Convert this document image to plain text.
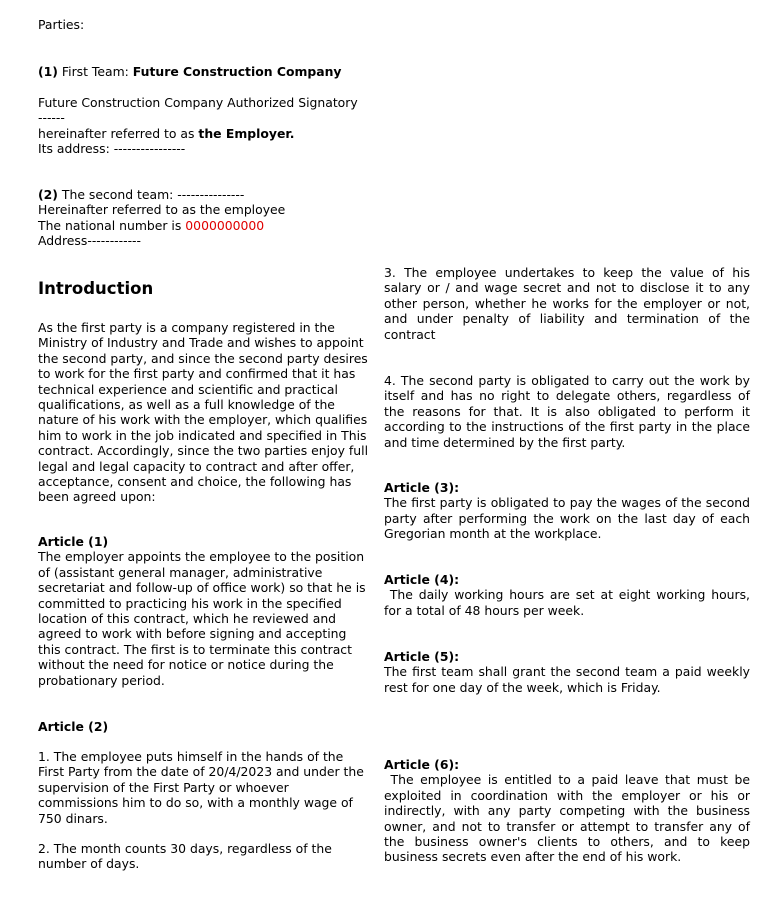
Parties:
(1) First Team: Future Construction Company
Future Construction Company Authorized Signatory
------
hereinafter referred to as the Employer.
Its address: ----------------
(2) The second team: ---------------
Hereinafter referred to as the employee
The national number is 0000000000
Address------------
Introduction

As the first party is a company registered in the Ministry of Industry and Trade and wishes to appoint the second party, and since the second party desires to work for the first party and confirmed that it has technical experience and scientific and practical qualifications, as well as a full knowledge of the nature of his work with the employer, which qualifies him to work in the job indicated and specified in This contract. Accordingly, since the two parties enjoy full legal and legal capacity to contract and after offer, acceptance, consent and choice, the following has been agreed upon:

Article (1)

The employer appoints the employee to the position of (assistant general manager, administrative secretariat and follow-up of office work) so that he is committed to practicing his work in the specified location of this contract, which he reviewed and agreed to work with before signing and accepting this contract. The first is to terminate this contract without the need for notice or notice during the probationary period.

Article (2)

1. The employee puts himself in the hands of the First Party from the date of 20/4/2023 and under the supervision of the First Party or whoever commissions him to do so, with a monthly wage of 750 dinars.

2. The month counts 30 days, regardless of the number of days.

3. The employee undertakes to keep the value of his salary or / and wage secret and not to disclose it to any other person, whether he works for the employer or not, and under penalty of liability and termination of the contract

4. The second party is obligated to carry out the work by itself and has no right to delegate others, regardless of the reasons for that. It is also obligated to perform it according to the instructions of the first party in the place and time determined by the first party.

Article (3):

The first party is obligated to pay the wages of the second party after performing the work on the last day of each Gregorian month at the workplace.

Article (4):

The daily working hours are set at eight working hours, for a total of 48 hours per week.

Article (5):

The first team shall grant the second team a paid weekly rest for one day of the week, which is Friday.

Article (6):

The employee is entitled to a paid leave that must be exploited in coordination with the employer or his or indirectly, with any party competing with the business owner, and not to transfer or attempt to transfer any of the business owner's clients to others, and to keep business secrets even after the end of his work.
